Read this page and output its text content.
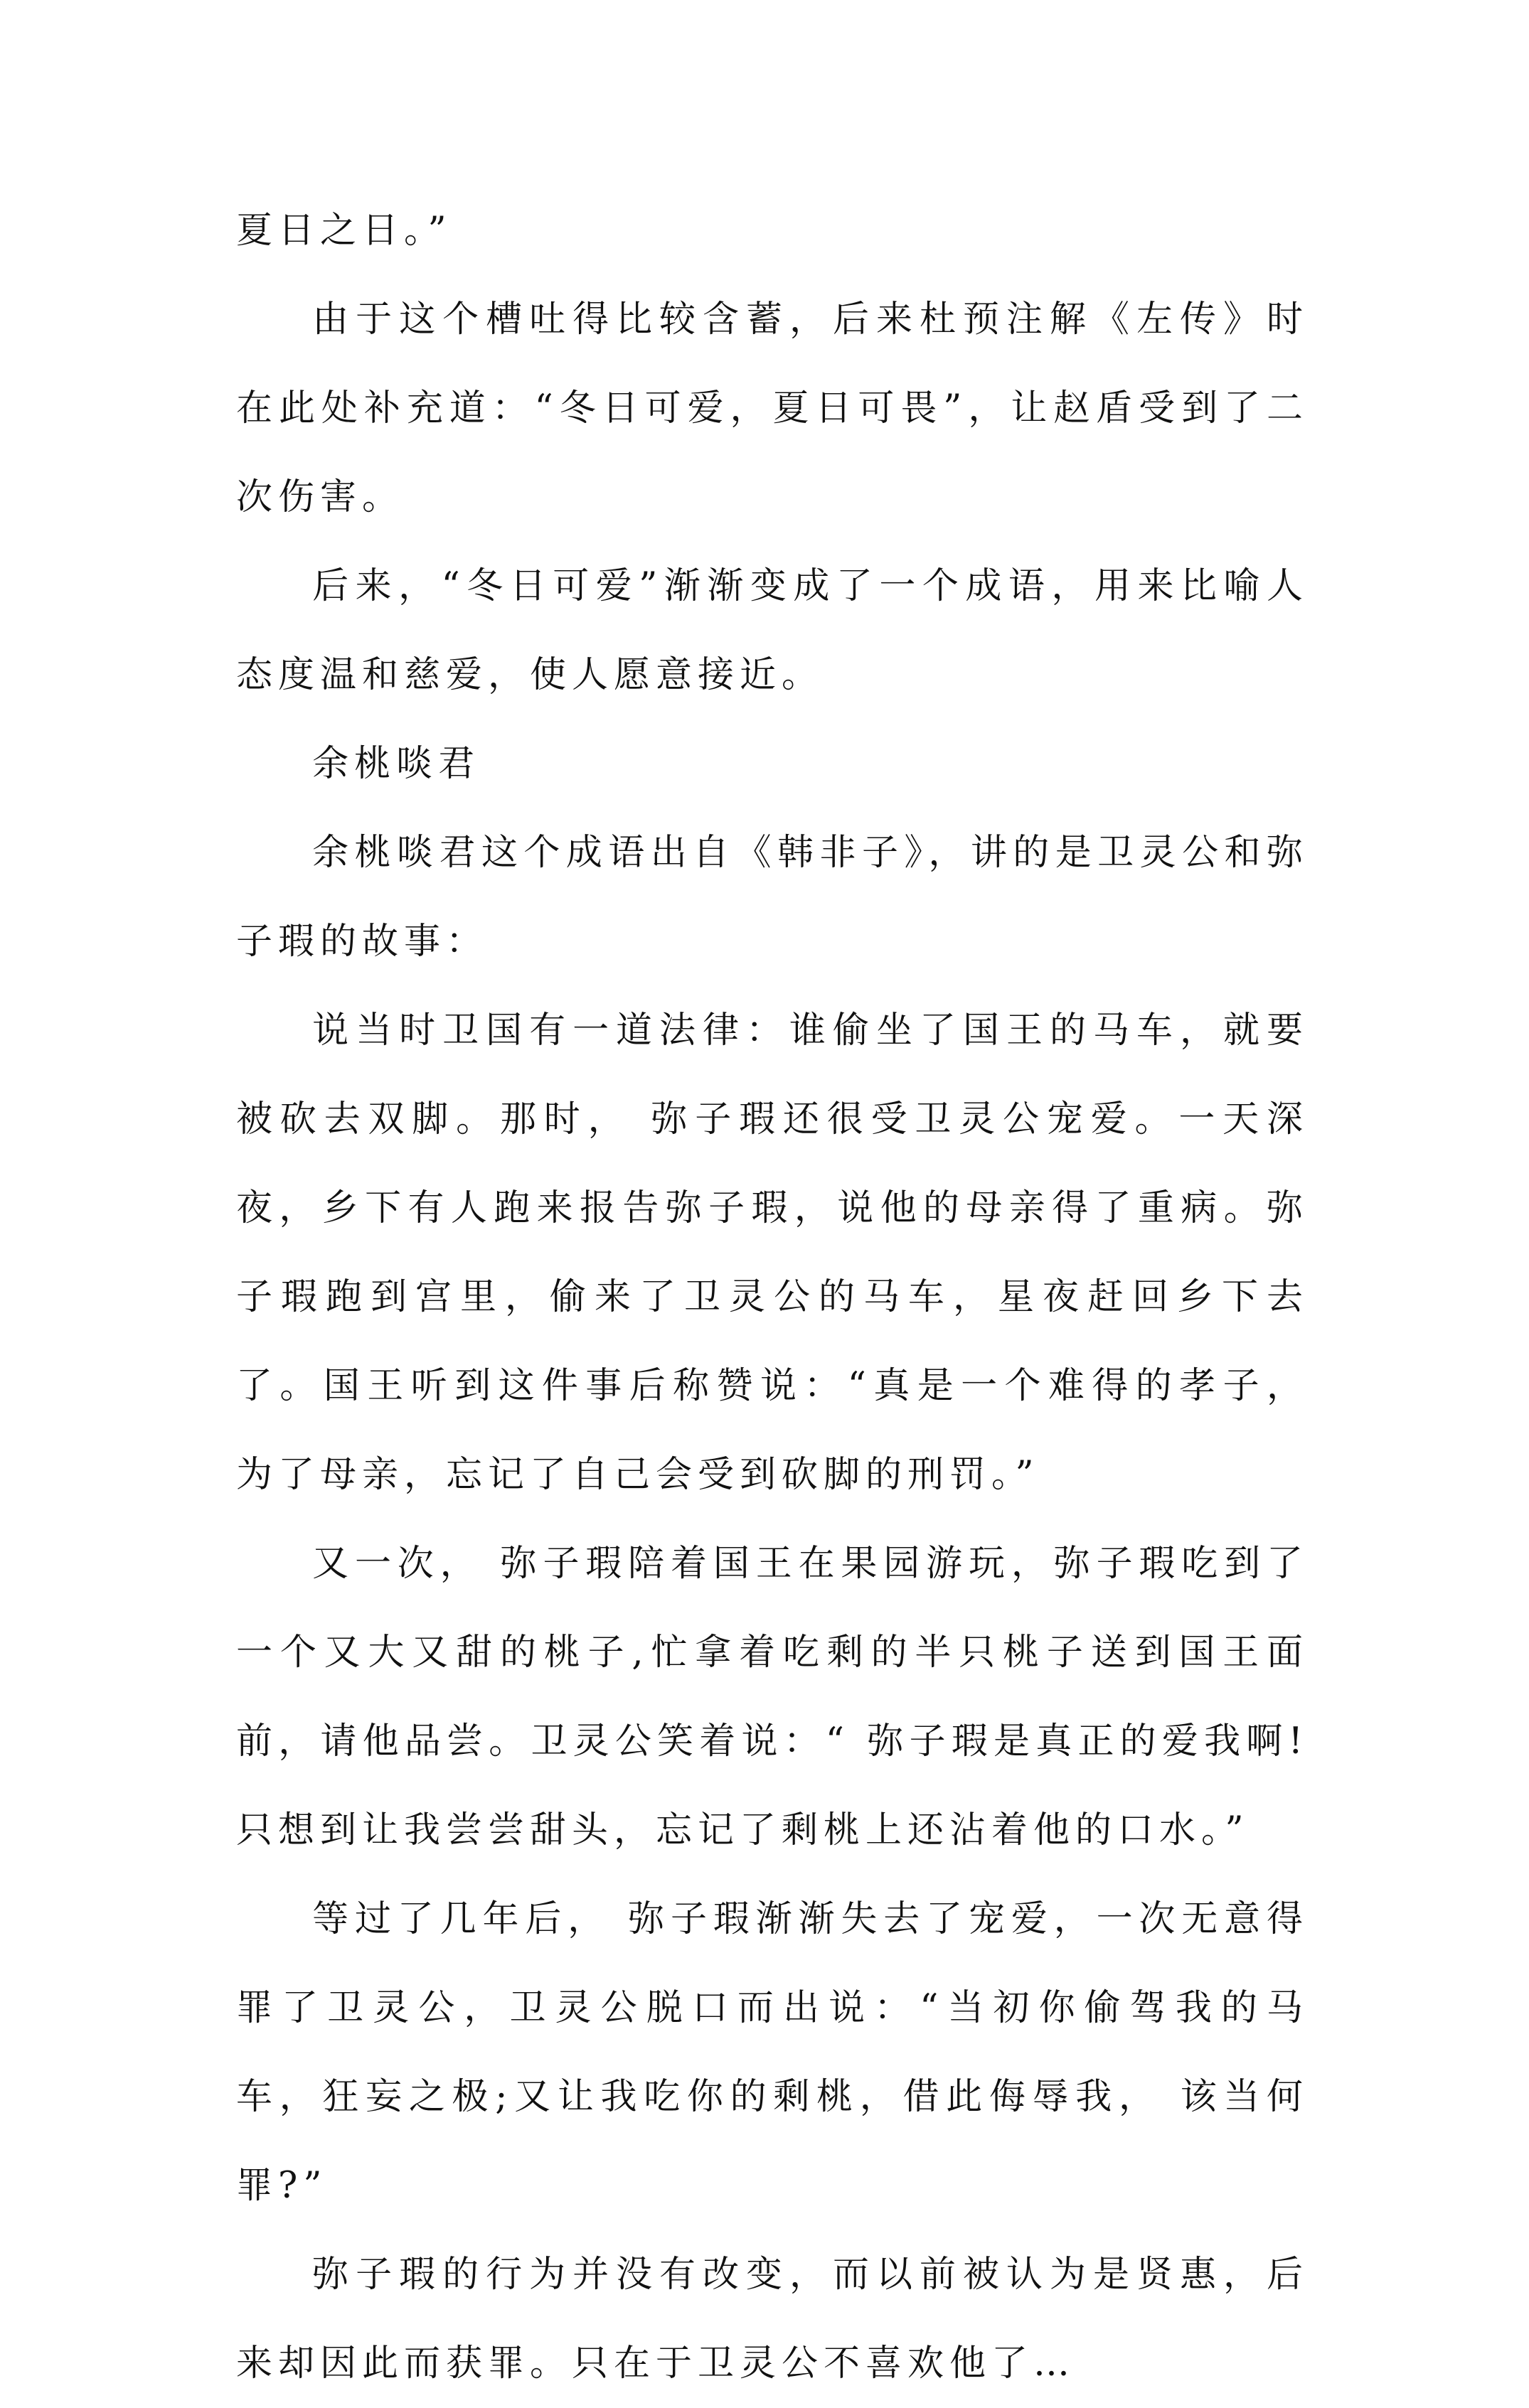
夏日之日。”

由于这个槽吐得比较含蓄，后来杜预注解《左传》时在此处补充道：“冬日可爱，夏日可畏”，让赵盾受到了二次伤害。

后来，“冬日可爱”渐渐变成了一个成语，用来比喻人态度温和慈爱，使人愿意接近。

余桃啖君

余桃啖君这个成语出自《韩非子》，讲的是卫灵公和弥子瑕的故事：

说当时卫国有一道法律：谁偷坐了国王的马车，就要被砍去双脚。那时， 弥子瑕还很受卫灵公宠爱。一天深夜，乡下有人跑来报告弥子瑕，说他的母亲得了重病。弥子瑕跑到宫里，偷来了卫灵公的马车，星夜赶回乡下去了。国王听到这件事后称赞说：“真是一个难得的孝子，为了母亲，忘记了自己会受到砍脚的刑罚。”

又一次， 弥子瑕陪着国王在果园游玩，弥子瑕吃到了一个又大又甜的桃子,忙拿着吃剩的半只桃子送到国王面前，请他品尝。卫灵公笑着说：“ 弥子瑕是真正的爱我啊!只想到让我尝尝甜头，忘记了剩桃上还沾着他的口水。”

等过了几年后， 弥子瑕渐渐失去了宠爱，一次无意得罪了卫灵公，卫灵公脱口而出说：“当初你偷驾我的马车，狂妄之极;又让我吃你的剩桃，借此侮辱我， 该当何罪?”

弥子瑕的行为并没有改变，而以前被认为是贤惠，后来却因此而获罪。只在于卫灵公不喜欢他了…
